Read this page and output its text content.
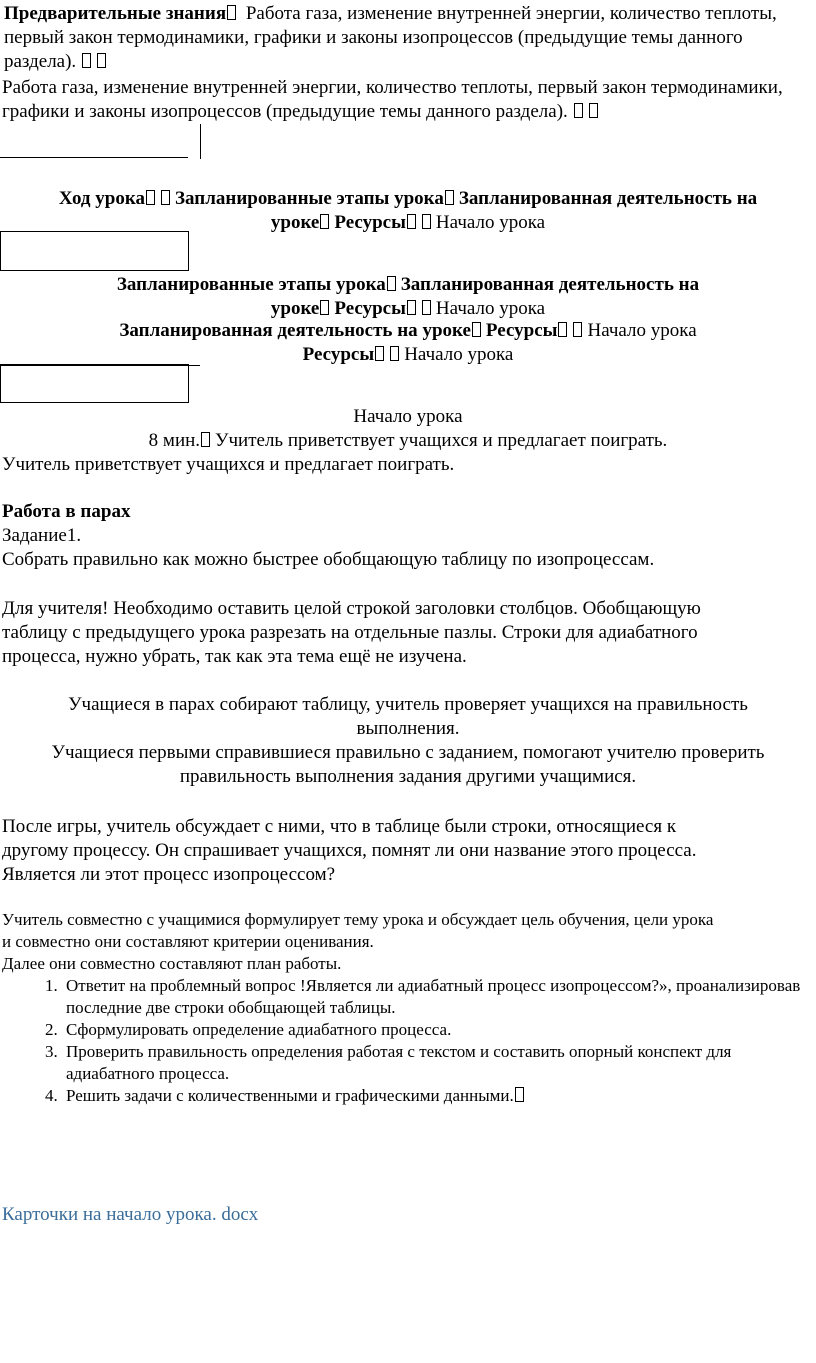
Предварительные знания Работа газа, изменение внутренней энергии, количество теплоты, первый закон термодинамики, графики и законы изопроцессов (предыдущие темы данного раздела).
Работа газа, изменение внутренней энергии, количество теплоты, первый закон термодинамики, графики и законы изопроцессов (предыдущие темы данного раздела).
Ход урока Запланированные этапы урока Запланированная деятельность на
уроке Ресурсы Начало урока
Запланированные этапы урока Запланированная деятельность на
уроке Ресурсы Начало урока
Запланированная деятельность на уроке Ресурсы Начало урока
Ресурсы Начало урока
Начало урока
8 мин. Учитель приветствует учащихся и предлагает поиграть.
Учитель приветствует учащихся и предлагает поиграть.
Работа в парах
Задание1.
Собрать правильно как можно быстрее обобщающую таблицу по изопроцессам.
Для учителя! Необходимо оставить целой строкой заголовки столбцов. Обобщающую
таблицу с предыдущего урока разрезать на отдельные пазлы. Строки для адиабатного
процесса, нужно убрать, так как эта тема ещё не изучена.
Учащиеся в парах собирают таблицу, учитель проверяет учащихся на правильность
выполнения.
Учащиеся первыми справившиеся правильно с заданием, помогают учителю проверить
правильность выполнения задания другими учащимися.
После игры, учитель обсуждает с ними, что в таблице были строки, относящиеся к
другому процессу. Он спрашивает учащихся, помнят ли они название этого процесса.
Является ли этот процесс изопроцессом?
Учитель совместно с учащимися формулирует тему урока и обсуждает цель обучения, цели урока
и совместно они составляют критерии оценивания.
Далее они совместно составляют план работы.
1. Ответит на проблемный вопрос !Является ли адиабатный процесс изопроцессом?», проанализировав последние две строки обобщающей таблицы.
2. Сформулировать определение адиабатного процесса.
3. Проверить правильность определения работая с текстом и составить опорный конспект для адиабатного процесса.
4. Решить задачи с количественными и графическими данными.
Карточки на начало урока. docx
